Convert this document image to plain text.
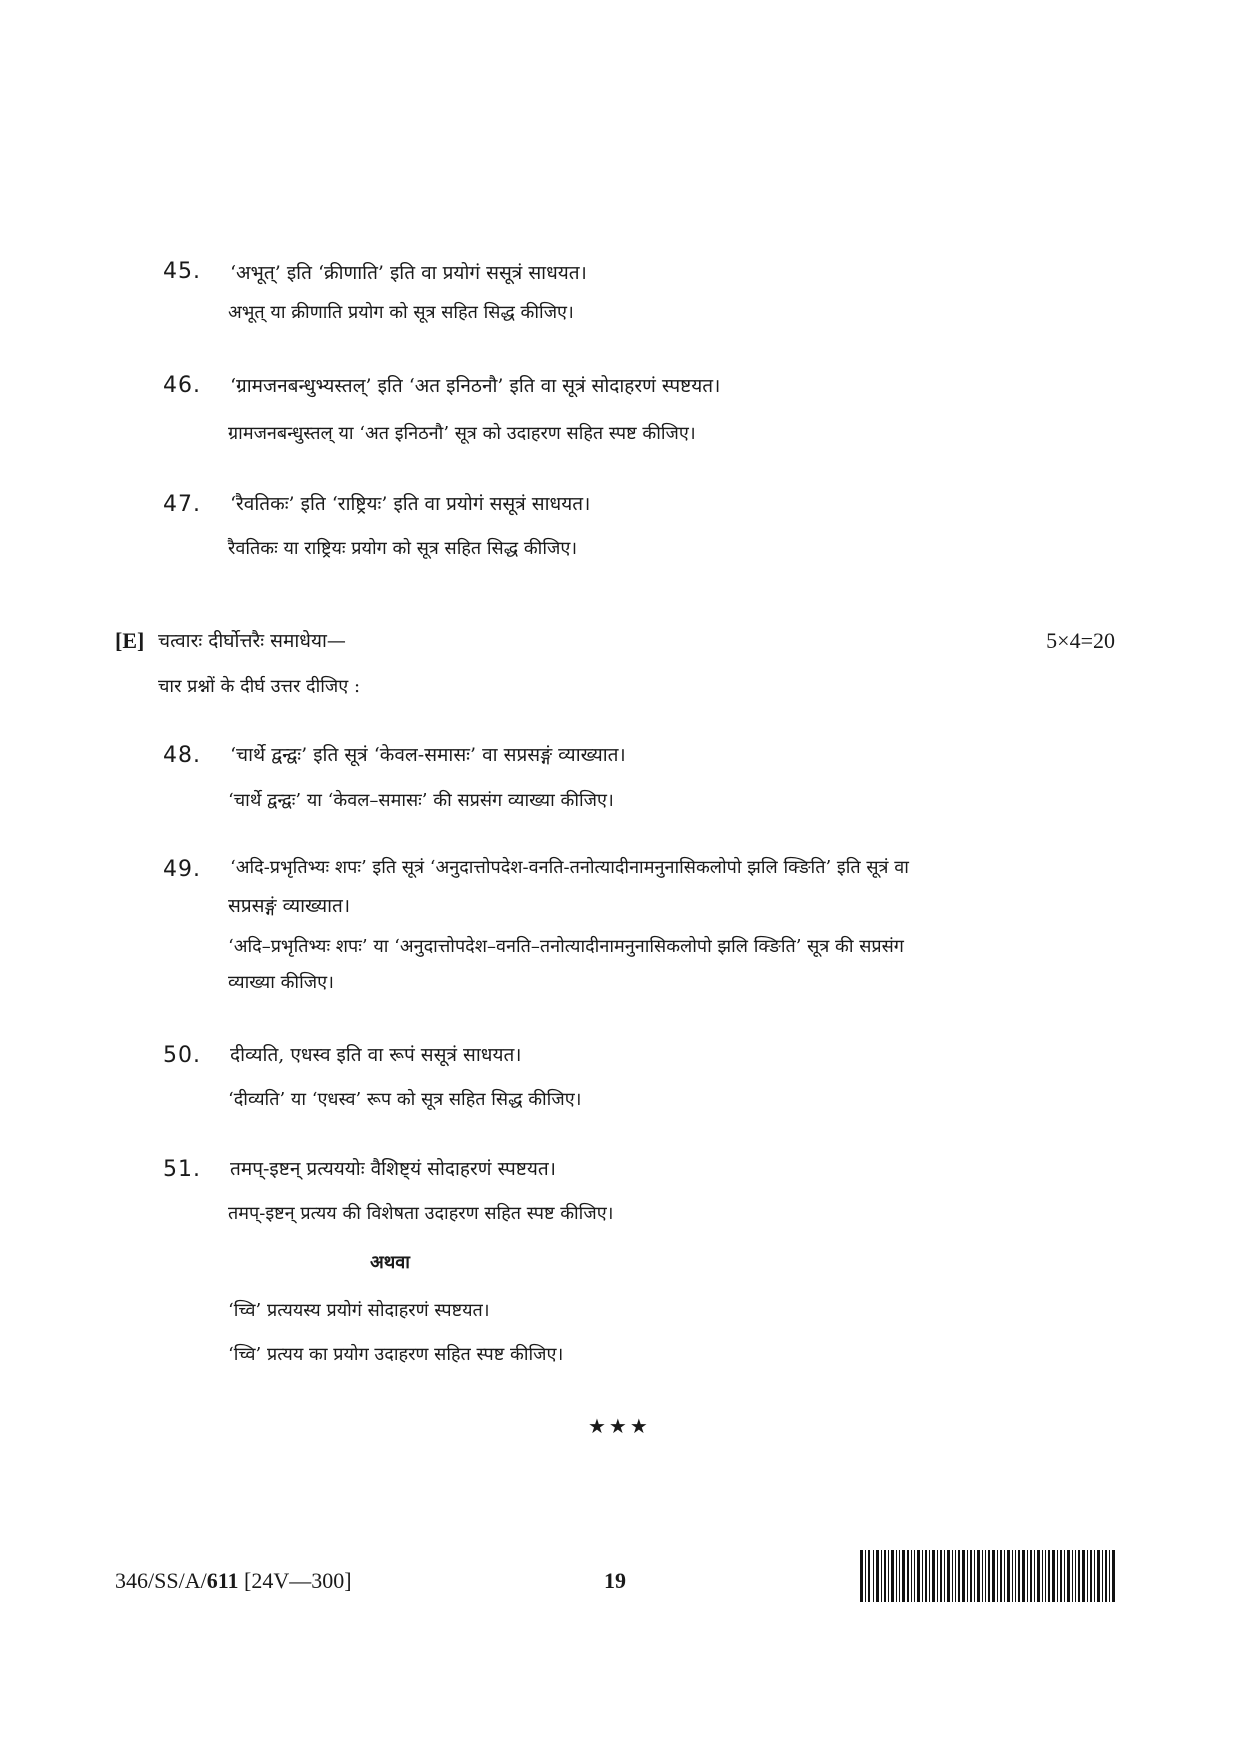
45. ‘अभूत्’ इति ‘क्रीणाति’ इति वा प्रयोगं ससूत्रं साधयत।
अभूत् या क्रीणाति प्रयोग को सूत्र सहित सिद्ध कीजिए।
46. ‘ग्रामजनबन्धुभ्यस्तल्’ इति ‘अत इनिठनौ’ इति वा सूत्रं सोदाहरणं स्पष्टयत।
ग्रामजनबन्धुस्तल् या ‘अत इनिठनौ’ सूत्र को उदाहरण सहित स्पष्ट कीजिए।
47. ‘रैवतिकः’ इति ‘राष्ट्रियः’ इति वा प्रयोगं ससूत्रं साधयत।
रैवतिकः या राष्ट्रियः प्रयोग को सूत्र सहित सिद्ध कीजिए।
[E] चत्वारः दीर्घोत्तरैः समाधेया—	5×4=20
चार प्रश्नों के दीर्घ उत्तर दीजिए :
48. ‘चार्थे द्वन्द्वः’ इति सूत्रं ‘केवल-समासः’ वा सप्रसङ्गं व्याख्यात।
‘चार्थे द्वन्द्वः’ या ‘केवल–समासः’ की सप्रसंग व्याख्या कीजिए।
49. ‘अदि-प्रभृतिभ्यः शपः’ इति सूत्रं ‘अनुदात्तोपदेश-वनति-तनोत्यादीनामनुनासिकलोपो झलि क्ङिति’ इति सूत्रं वा
सप्रसङ्गं व्याख्यात।
‘अदि–प्रभृतिभ्यः शपः’ या ‘अनुदात्तोपदेश–वनति–तनोत्यादीनामनुनासिकलोपो झलि क्ङिति’ सूत्र की सप्रसंग
व्याख्या कीजिए।
50. दीव्यति, एधस्व इति वा रूपं ससूत्रं साधयत।
‘दीव्यति’ या ‘एधस्व’ रूप को सूत्र सहित सिद्ध कीजिए।
51. तमप्-इष्टन् प्रत्यययोः वैशिष्ट्यं सोदाहरणं स्पष्टयत।
तमप्-इष्टन् प्रत्यय की विशेषता उदाहरण सहित स्पष्ट कीजिए।
अथवा
‘च्वि’ प्रत्ययस्य प्रयोगं सोदाहरणं स्पष्टयत।
‘च्वि’ प्रत्यय का प्रयोग उदाहरण सहित स्पष्ट कीजिए।
★★★
346/SS/A/611 [24V—300]	19
